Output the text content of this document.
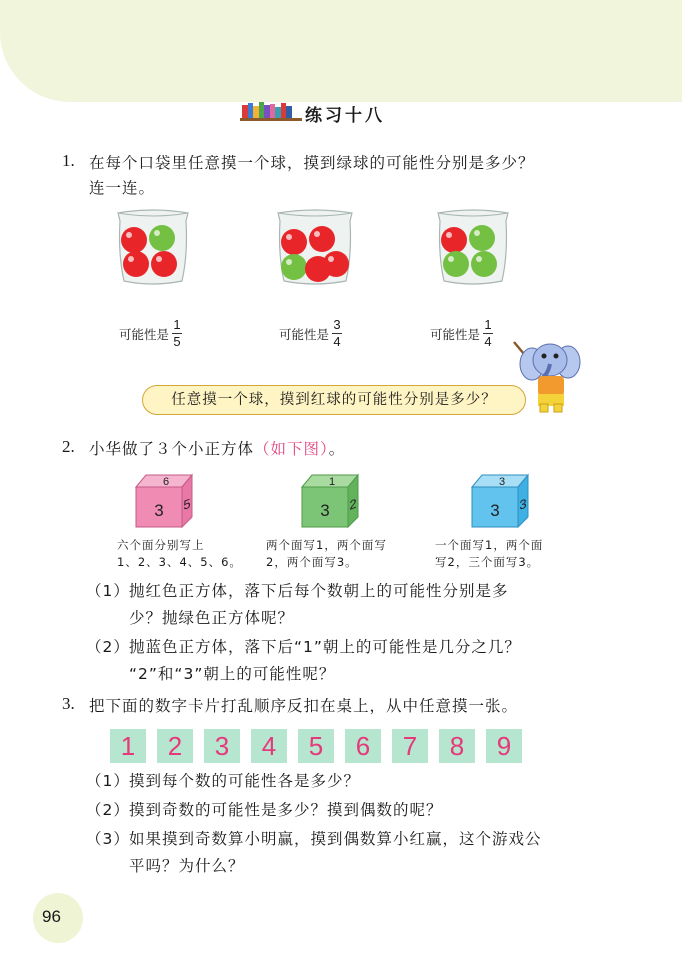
练习十八
1. 在每个口袋里任意摸一个球，摸到绿球的可能性分别是多少？
连一连。
可能性是 $\frac{1}{5}$	可能性是 $\frac{3}{4}$	可能性是 $\frac{1}{4}$
任意摸一个球，摸到红球的可能性分别是多少？
2. 小华做了３个小正方体（如下图）。
3 5
6
3 2
1
3 3
3
六个面分别写上
1、2、3、4、5、6。
两个面写1，两个面写
2，两个面写3。
一个面写1，两个面
写2，三个面写3。
（1） 抛红色正方体，落下后每个数朝上的可能性分别是多
少？抛绿色正方体呢？
（2） 抛蓝色正方体，落下后“1”朝上的可能性是几分之几？
“2”和“3”朝上的可能性呢？
3. 把下面的数字卡片打乱顺序反扣在桌上，从中任意摸一张。
1	2	3	4	5	6	7	8	9
（1） 摸到每个数的可能性各是多少？
（2） 摸到奇数的可能性是多少？摸到偶数的呢？
（3） 如果摸到奇数算小明赢，摸到偶数算小红赢，这个游戏公
平吗？为什么？
96
